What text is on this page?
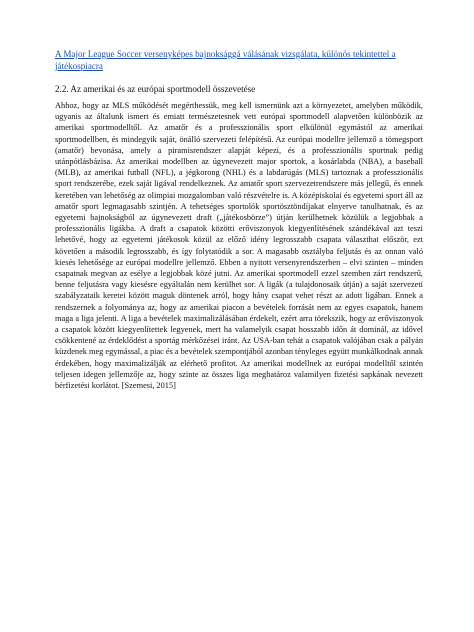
A Major League Soccer versenyképes bajnoksággá válásának vizsgálata, különös tekintettel a játékospiacra
2.2. Az amerikai és az európai sportmodell összevetése

Ahhoz, hogy az MLS működését megérthessük, meg kell ismernünk azt a környezetet, amelyben működik, ugyanis az általunk ismert és emiatt természetesnek vett európai sportmodell alapvetően különbözik az amerikai sportmodelltől. Az amatőr és a professzionális sport elkülönül egymástól az amerikai sportmodellben, és mindegyik saját, önálló szervezeti felépítésű. Az európai modellre jellemző a tömegsport (amatőr) bevonása, amely a piramisrendszer alapját képezi, és a professzionális sportnak pedig utánpótlásbázisa. Az amerikai modellben az úgynevezett major sportok, a kosárlabda (NBA), a baseball (MLB), az amerikai futball (NFL), a jégkorong (NHL) és a labdarúgás (MLS) tartoznak a professzionális sport rendszerébe, ezek saját ligával rendelkeznek. Az amatőr sport szervezetrendszere más jellegű, és ennek keretében van lehetőség az olimpiai mozgalomban való részvételre is. A középiskolai és egyetemi sport áll az amatőr sport legmagasabb szintjén. A tehetséges sportolók sportösztöndíjakat elnyerve tanulhatnak, és az egyetemi bajnokságból az úgynevezett draft („játékosbörze”) útján kerülhetnek közülük a legjobbak a professzionális ligákba. A draft a csapatok közötti erőviszonyok kiegyenlítésének szándékával azt teszi lehetővé, hogy az egyetemi játékosok közül az előző idény legrosszabb csapata választhat először, ezt követően a második legrosszabb, és így folytatódik a sor. A magasabb osztályba feljutás és az onnan való kiesés lehetősége az európai modellre jellemző. Ebben a nyitott versenyrendszerben – elvi szinten – minden csapatnak megvan az esélye a legjobbak közé jutni. Az amerikai sportmodell ezzel szemben zárt rendszerű, benne feljutásra vagy kiesésre egyáltalán nem kerülhet sor. A ligák (a tulajdonosaik útján) a saját szervezeti szabályzataik keretei között maguk döntenek arról, hogy hány csapat vehet részt az adott ligában. Ennek a rendszernek a folyománya az, hogy az amerikai piacon a bevételek forrását nem az egyes csapatok, hanem maga a liga jelenti. A liga a bevételek maximalizálásában érdekelt, ezért arra törekszik, hogy az erőviszonyok a csapatok között kiegyenlítettek legyenek, mert ha valamelyik csapat hosszabb időn át dominál, az idővel csökkentené az érdeklődést a sportág mérkőzései iránt. Az USA-ban tehát a csapatok valójában csak a pályán küzdenek meg egymással, a piac és a bevételek szempontjából azonban tényleges együtt munkálkodnak annak érdekében, hogy maximalizálják az elérhető profitot. Az amerikai modellnek az európai modelltől szintén teljesen idegen jellemzője az, hogy szinte az összes liga meghatároz valamilyen fizetési sapkának nevezett bérfizetési korlátot. [Szemesi, 2015]
